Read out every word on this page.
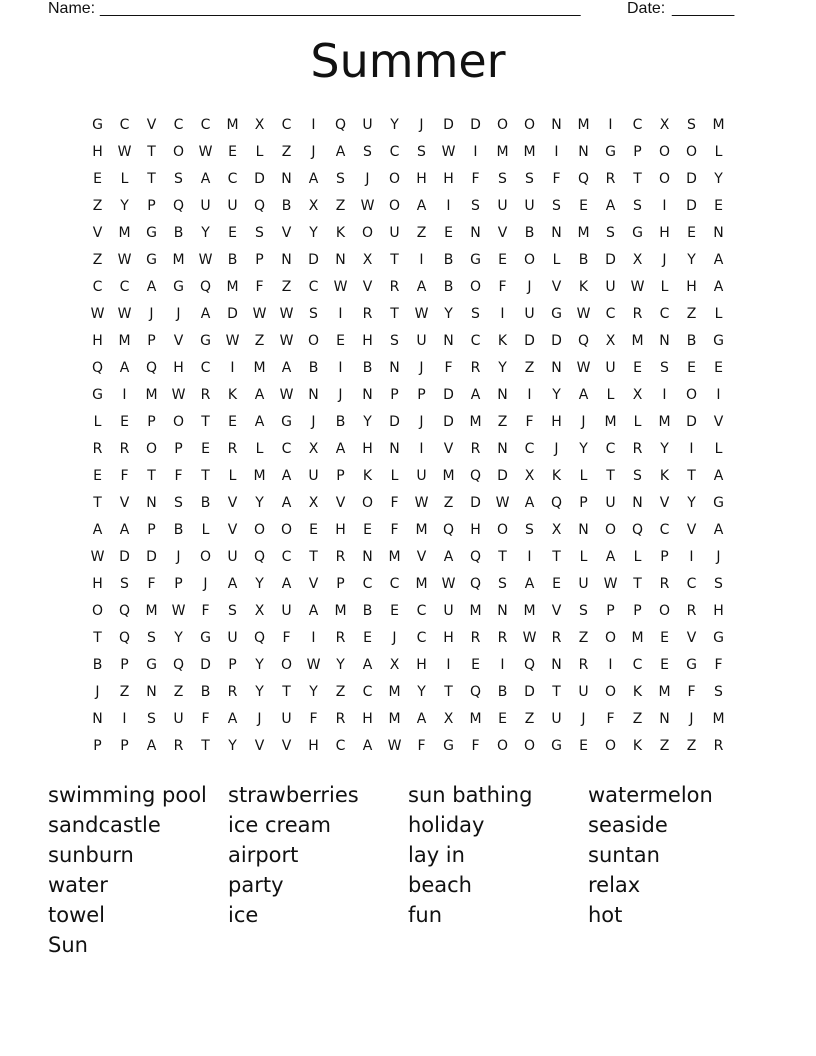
Name: ______________________________________________________	Date: _______
Summer
G	C	V	C	C	M	X	C	I	Q	U	Y	J	D	D	O	O	N	M	I	C	X	S	M
H	W	T	O	W	E	L	Z	J	A	S	C	S	W	I	M	M	I	N	G	P	O	O	L
E	L	T	S	A	C	D	N	A	S	J	O	H	H	F	S	S	F	Q	R	T	O	D	Y
Z	Y	P	Q	U	U	Q	B	X	Z	W	O	A	I	S	U	U	S	E	A	S	I	D	E
V	M	G	B	Y	E	S	V	Y	K	O	U	Z	E	N	V	B	N	M	S	G	H	E	N
Z	W	G	M	W	B	P	N	D	N	X	T	I	B	G	E	O	L	B	D	X	J	Y	A
C	C	A	G	Q	M	F	Z	C	W	V	R	A	B	O	F	J	V	K	U	W	L	H	A
W W	J	J	A	D	W W	S	I	R	T	W	Y	S	I	U	G	W	C	R	C	Z	L
H	M	P	V	G	W	Z	W	O	E	H	S	U	N	C	K	D	D	Q	X	M	N	B	G
Q	A	Q	H	C	I	M	A	B	I	B	N	J	F	R	Y	Z	N	W	U	E	S	E	E
G	I	M	W	R	K	A	W	N	J	N	P	P	D	A	N	I	Y	A	L	X	I	O	I
L	E	P	O	T	E	A	G	J	B	Y	D	J	D	M	Z	F	H	J	M	L	M	D	V
R	R	O	P	E	R	L	C	X	A	H	N	I	V	R	N	C	J	Y	C	R	Y	I	L
E	F	T	F	T	L	M	A	U	P	K	L	U	M	Q	D	X	K	L	T	S	K	T	A
T	V	N	S	B	V	Y	A	X	V	O	F	W	Z	D	W	A	Q	P	U	N	V	Y	G
A	A	P	B	L	V	O	O	E	H	E	F	M	Q	H	O	S	X	N	O	Q	C	V	A
W	D	D	J	O	U	Q	C	T	R	N	M	V	A	Q	T	I	T	L	A	L	P	I	J
H	S	F	P	J	A	Y	A	V	P	C	C	M	W	Q	S	A	E	U	W	T	R	C	S
O	Q	M	W	F	S	X	U	A	M	B	E	C	U	M	N	M	V	S	P	P	O	R	H
T	Q	S	Y	G	U	Q	F	I	R	E	J	C	H	R	R	W	R	Z	O	M	E	V	G
B	P	G	Q	D	P	Y	O	W	Y	A	X	H	I	E	I	Q	N	R	I	C	E	G	F
J	Z	N	Z	B	R	Y	T	Y	Z	C	M	Y	T	Q	B	D	T	U	O	K	M	F	S
N	I	S	U	F	A	J	U	F	R	H	M	A	X	M	E	Z	U	J	F	Z	N	J	M
P	P	A	R	T	Y	V	V	H	C	A	W	F	G	F	O	O	G	E	O	K	Z	Z	R
swimming pool	strawberries	sun bathing	watermelon
sandcastle	ice cream	holiday	seaside
sunburn	airport	lay in	suntan
water	party	beach	relax
towel	ice	fun	hot
Sun
